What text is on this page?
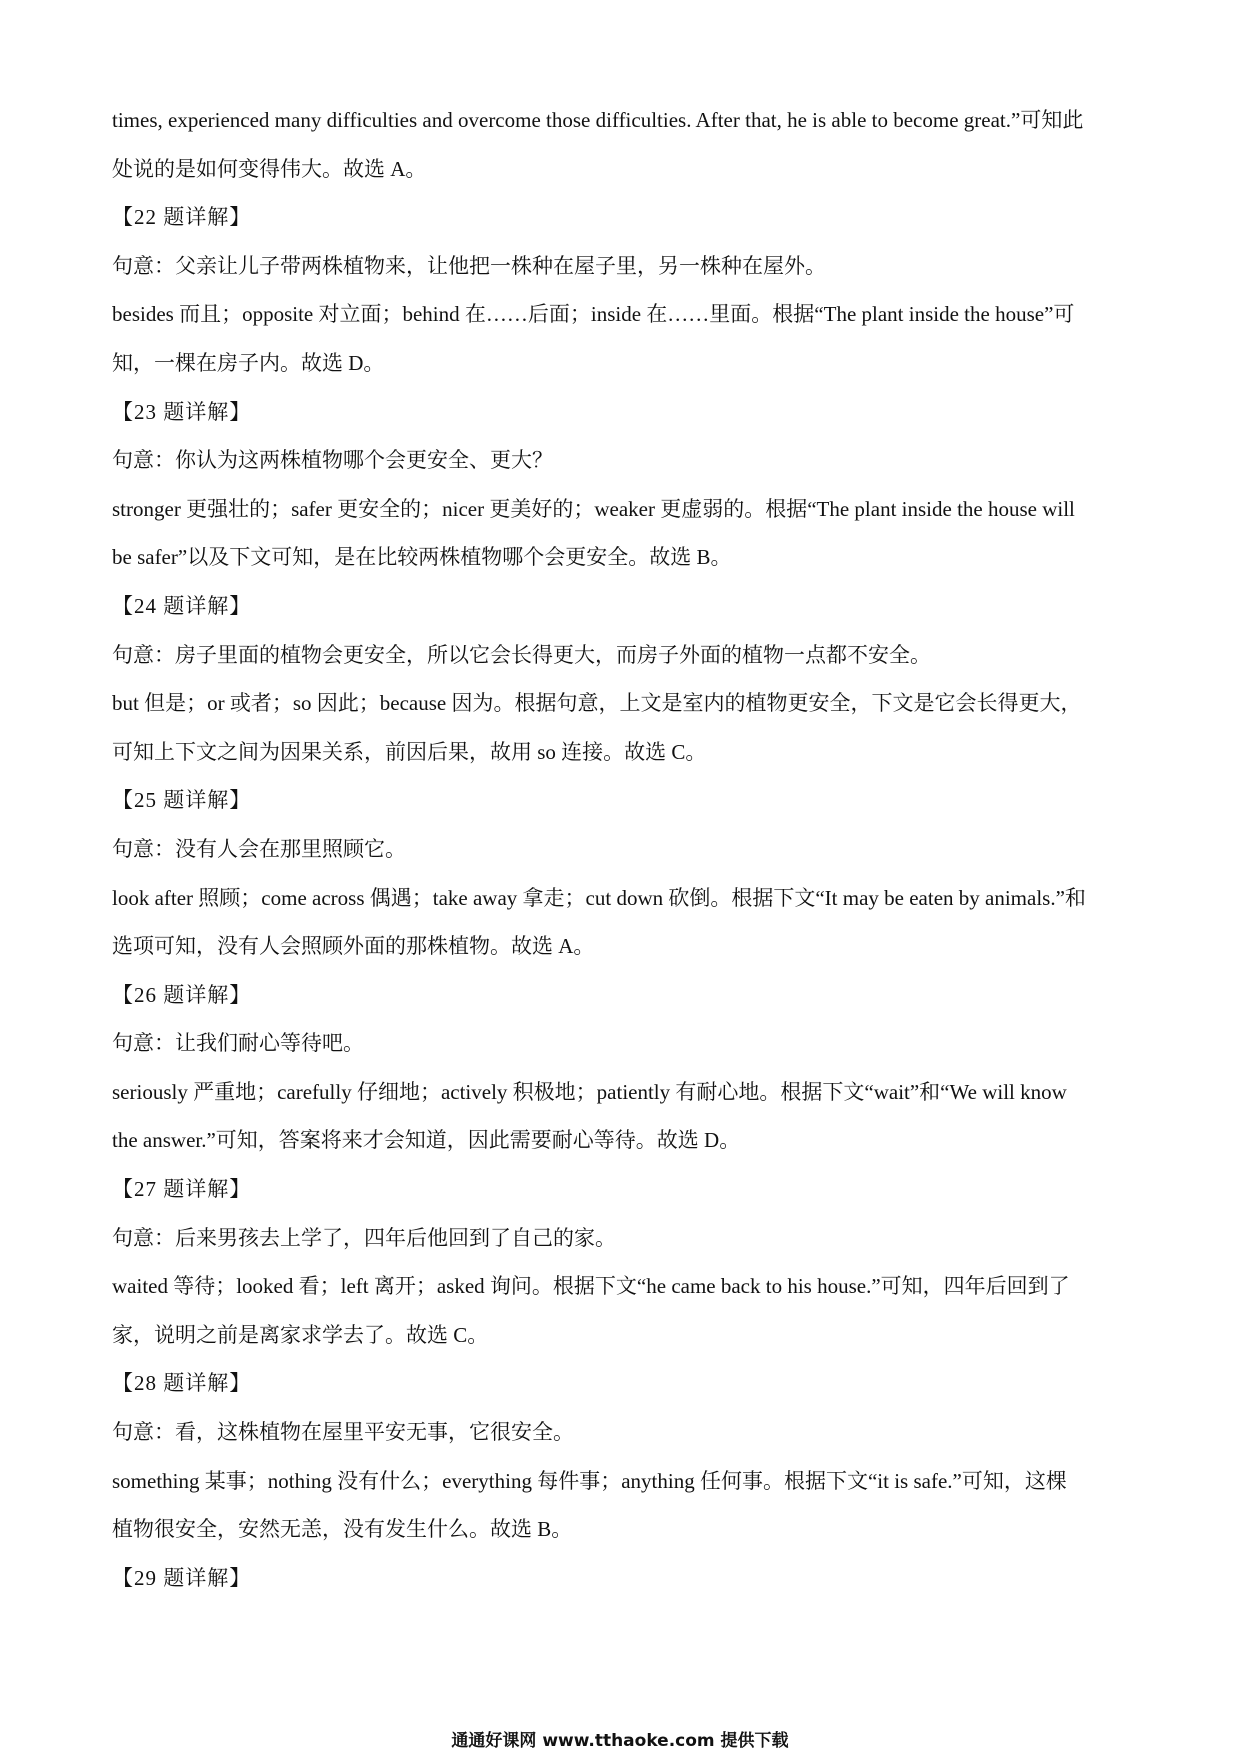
times, experienced many difficulties and overcome those difficulties. After that, he is able to become great.”可知此

处说的是如何变得伟大。故选 A。

【22 题详解】

句意：父亲让儿子带两株植物来，让他把一株种在屋子里，另一株种在屋外。

besides 而且；opposite 对立面；behind 在……后面；inside 在……里面。根据“The plant inside the house”可

知，一棵在房子内。故选 D。

【23 题详解】

句意：你认为这两株植物哪个会更安全、更大？

stronger 更强壮的；safer 更安全的；nicer 更美好的；weaker 更虚弱的。根据“The plant inside the house will

be safer”以及下文可知，是在比较两株植物哪个会更安全。故选 B。

【24 题详解】

句意：房子里面的植物会更安全，所以它会长得更大，而房子外面的植物一点都不安全。

but 但是；or 或者；so 因此；because 因为。根据句意，上文是室内的植物更安全，下文是它会长得更大，

可知上下文之间为因果关系，前因后果，故用 so 连接。故选 C。

【25 题详解】

句意：没有人会在那里照顾它。

look after 照顾；come across 偶遇；take away 拿走；cut down 砍倒。根据下文“It may be eaten by animals.”和

选项可知，没有人会照顾外面的那株植物。故选 A。

【26 题详解】

句意：让我们耐心等待吧。

seriously 严重地；carefully 仔细地；actively 积极地；patiently 有耐心地。根据下文“wait”和“We will know

the answer.”可知，答案将来才会知道，因此需要耐心等待。故选 D。

【27 题详解】

句意：后来男孩去上学了，四年后他回到了自己的家。

waited 等待；looked 看；left 离开；asked 询问。根据下文“he came back to his house.”可知，四年后回到了

家，说明之前是离家求学去了。故选 C。

【28 题详解】

句意：看，这株植物在屋里平安无事，它很安全。

something 某事；nothing 没有什么；everything 每件事；anything 任何事。根据下文“it is safe.”可知，这棵

植物很安全，安然无恙，没有发生什么。故选 B。

【29 题详解】

通通好课网 www.tthaoke.com 提供下载
